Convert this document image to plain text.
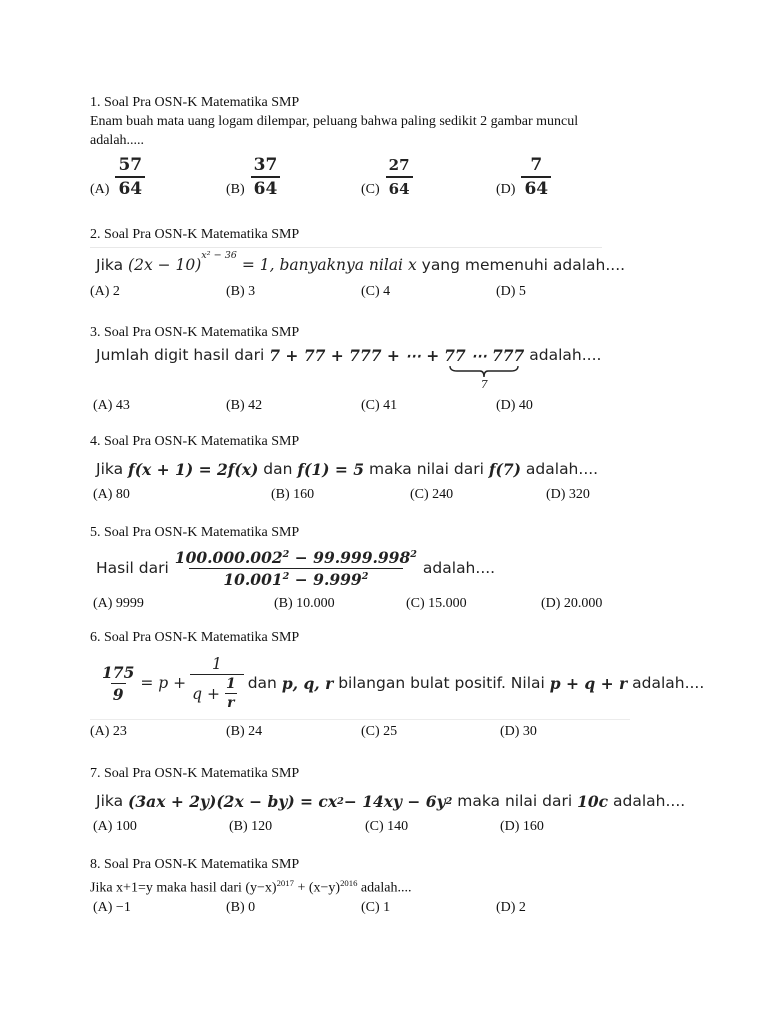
1. Soal Pra OSN-K Matematika SMP
Enam buah mata uang logam dilempar, peluang bahwa paling sedikit 2 gambar muncul adalah.....
$(A) \frac{57}{64}$	$(B) \frac{37}{64}$	$(C) \frac{27}{64}$	$(D) \frac{7}{64}$
2. Soal Pra OSN-K Matematika SMP
Jika
(2x − 10)
$^{x^2 - 36}$

= 1, banyaknya nilai
x
yang memenuhi adalah....
(A) 2	(B) 3	(C) 4	(D) 5
3. Soal Pra OSN-K Matematika SMP
Jumlah digit hasil dari
7 + 77 + 777 + ⋯ +
77 ⋯ 777
7

adalah....
(A) 43	(B) 42	(C) 41	(D) 40
4. Soal Pra OSN-K Matematika SMP
Jika
f(x + 1) = 2f(x)
dan
f(1) = 5
maka nilai dari
f(7)
adalah....
(A) 80	(B) 160	(C) 240	(D) 320
5. Soal Pra OSN-K Matematika SMP
Hasil dari $\frac{100.000.002^2 - 99.999.998^2}{10.001^2 - 9.999^2}$ adalah....
(A) 9999	(B) 10.000	(C) 15.000	(D) 20.000
6. Soal Pra OSN-K Matematika SMP
$\frac{175}{9} = p + \frac{1}{q + \frac{1}{r}}$ dan
p, q, r
bilangan bulat positif. Nilai
p + q + r
adalah....
(A) 23	(B) 24	(C) 25	(D) 30
7. Soal Pra OSN-K Matematika SMP
Jika
(3ax + 2y)(2x − by) = cx 2 − 14xy − 6y 2
maka nilai dari
10c
adalah....
(A) 100	(B) 120	(C) 140	(D) 160
8. Soal Pra OSN-K Matematika SMP
Jika x+1=y maka hasil dari $(y-x)^{2017} + (x-y)^{2016}$ adalah....
(A) −1	(B) 0	(C) 1	(D) 2
